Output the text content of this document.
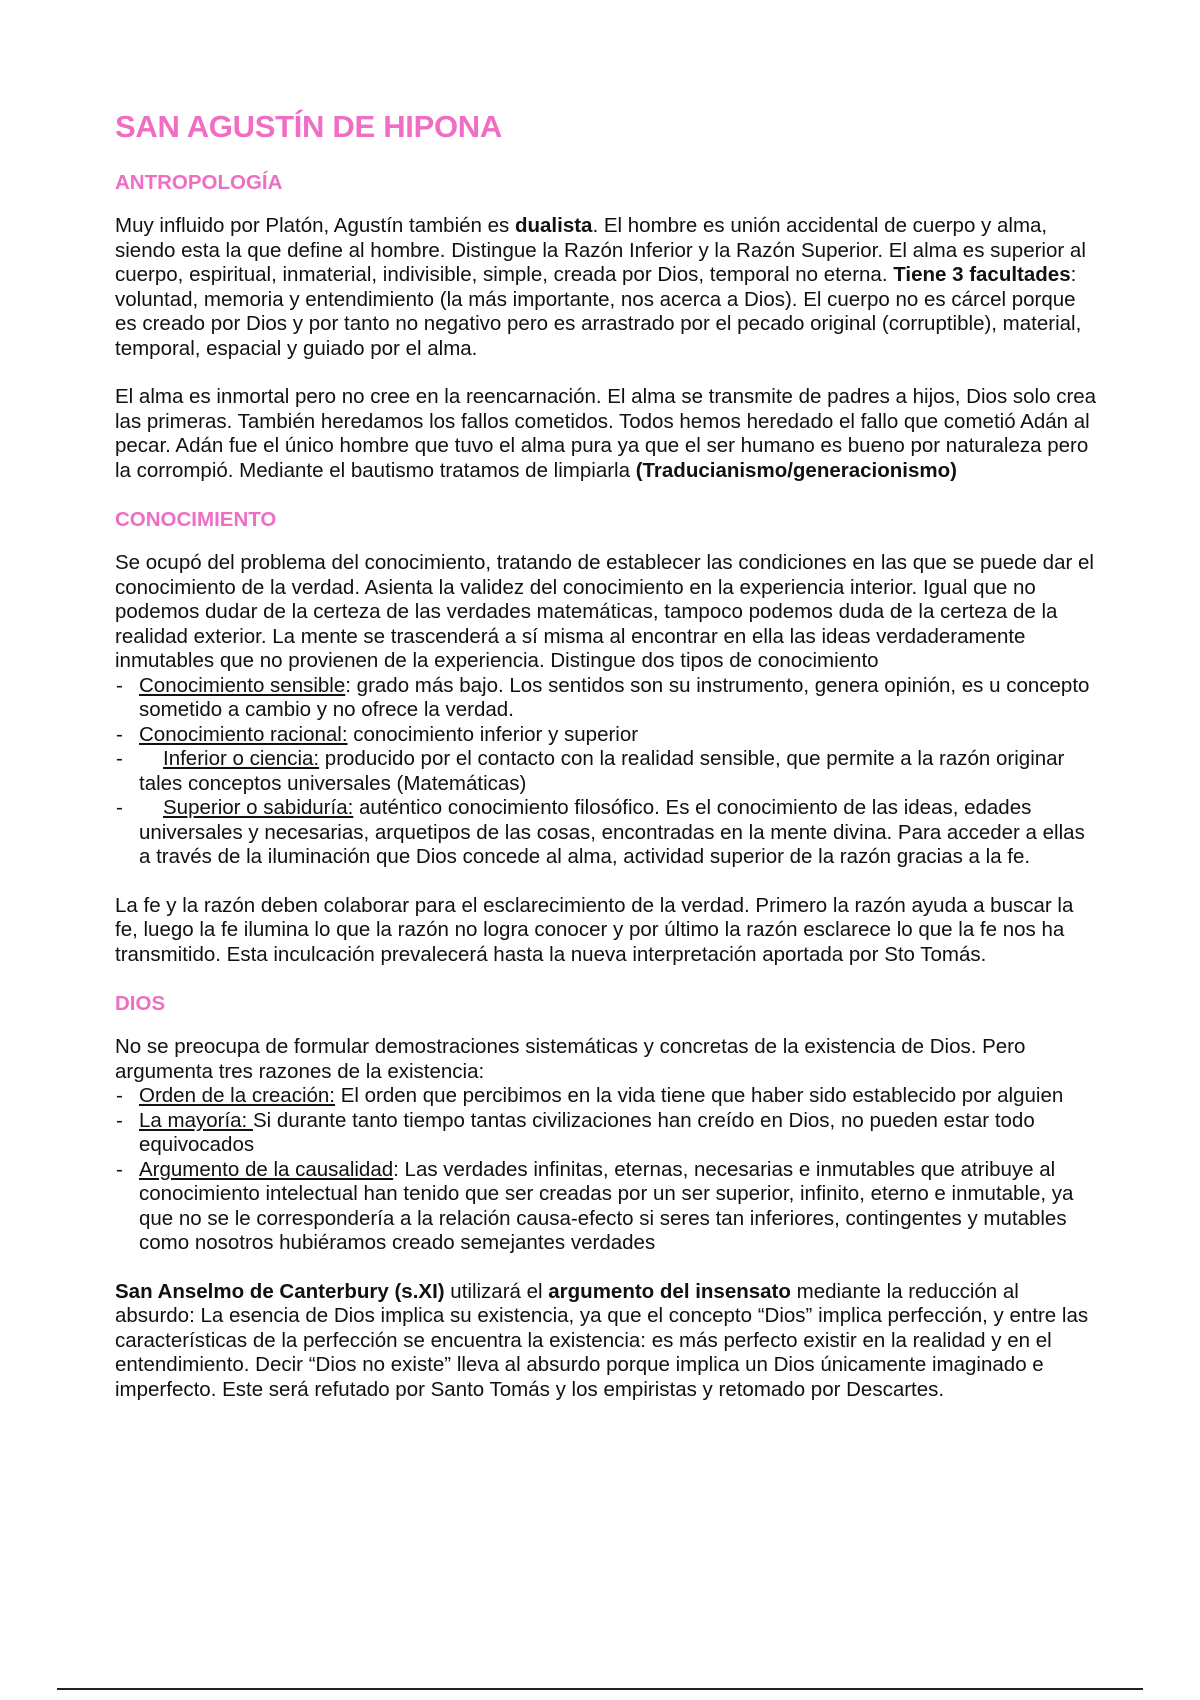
SAN AGUSTÍN DE HIPONA
ANTROPOLOGÍA

Muy influido por Platón, Agustín también es dualista. El hombre es unión accidental de cuerpo y alma, siendo esta la que define al hombre. Distingue la Razón Inferior y la Razón Superior. El alma es superior al cuerpo, espiritual, inmaterial, indivisible, simple, creada por Dios, temporal no eterna. Tiene 3 facultades: voluntad, memoria y entendimiento (la más importante, nos acerca a Dios). El cuerpo no es cárcel porque es creado por Dios y por tanto no negativo pero es arrastrado por el pecado original (corruptible), material, temporal, espacial y guiado por el alma.

El alma es inmortal pero no cree en la reencarnación. El alma se transmite de padres a hijos, Dios solo crea las primeras. También heredamos los fallos cometidos. Todos hemos heredado el fallo que cometió Adán al pecar. Adán fue el único hombre que tuvo el alma pura ya que el ser humano es bueno por naturaleza pero la corrompió. Mediante el bautismo tratamos de limpiarla (Traducianismo/generacionismo)

CONOCIMIENTO

Se ocupó del problema del conocimiento, tratando de establecer las condiciones en las que se puede dar el conocimiento de la verdad. Asienta la validez del conocimiento en la experiencia interior. Igual que no podemos dudar de la certeza de las verdades matemáticas, tampoco podemos duda de la certeza de la realidad exterior. La mente se trascenderá a sí misma al encontrar en ella las ideas verdaderamente inmutables que no provienen de la experiencia. Distingue dos tipos de conocimiento

- Conocimiento sensible: grado más bajo. Los sentidos son su instrumento, genera opinión, es u concepto sometido a cambio y no ofrece la verdad.
- Conocimiento racional: conocimiento inferior y superior
- Inferior o ciencia: producido por el contacto con la realidad sensible, que permite a la razón originar tales conceptos universales (Matemáticas)
- Superior o sabiduría: auténtico conocimiento filosófico. Es el conocimiento de las ideas, edades universales y necesarias, arquetipos de las cosas, encontradas en la mente divina. Para acceder a ellas a través de la iluminación que Dios concede al alma, actividad superior de la razón gracias a la fe.

La fe y la razón deben colaborar para el esclarecimiento de la verdad. Primero la razón ayuda a buscar la fe, luego la fe ilumina lo que la razón no logra conocer y por último la razón esclarece lo que la fe nos ha transmitido. Esta inculcación prevalecerá hasta la nueva interpretación aportada por Sto Tomás.

DIOS

No se preocupa de formular demostraciones sistemáticas y concretas de la existencia de Dios. Pero argumenta tres razones de la existencia:

- Orden de la creación: El orden que percibimos en la vida tiene que haber sido establecido por alguien
- La mayoría: Si durante tanto tiempo tantas civilizaciones han creído en Dios, no pueden estar todo equivocados
- Argumento de la causalidad: Las verdades infinitas, eternas, necesarias e inmutables que atribuye al conocimiento intelectual han tenido que ser creadas por un ser superior, infinito, eterno e inmutable, ya que no se le correspondería a la relación causa-efecto si seres tan inferiores, contingentes y mutables como nosotros hubiéramos creado semejantes verdades

San Anselmo de Canterbury (s.XI) utilizará el argumento del insensato mediante la reducción al absurdo: La esencia de Dios implica su existencia, ya que el concepto “Dios” implica perfección, y entre las características de la perfección se encuentra la existencia: es más perfecto existir en la realidad y en el entendimiento. Decir “Dios no existe” lleva al absurdo porque implica un Dios únicamente imaginado e imperfecto. Este será refutado por Santo Tomás y los empiristas y retomado por Descartes.
